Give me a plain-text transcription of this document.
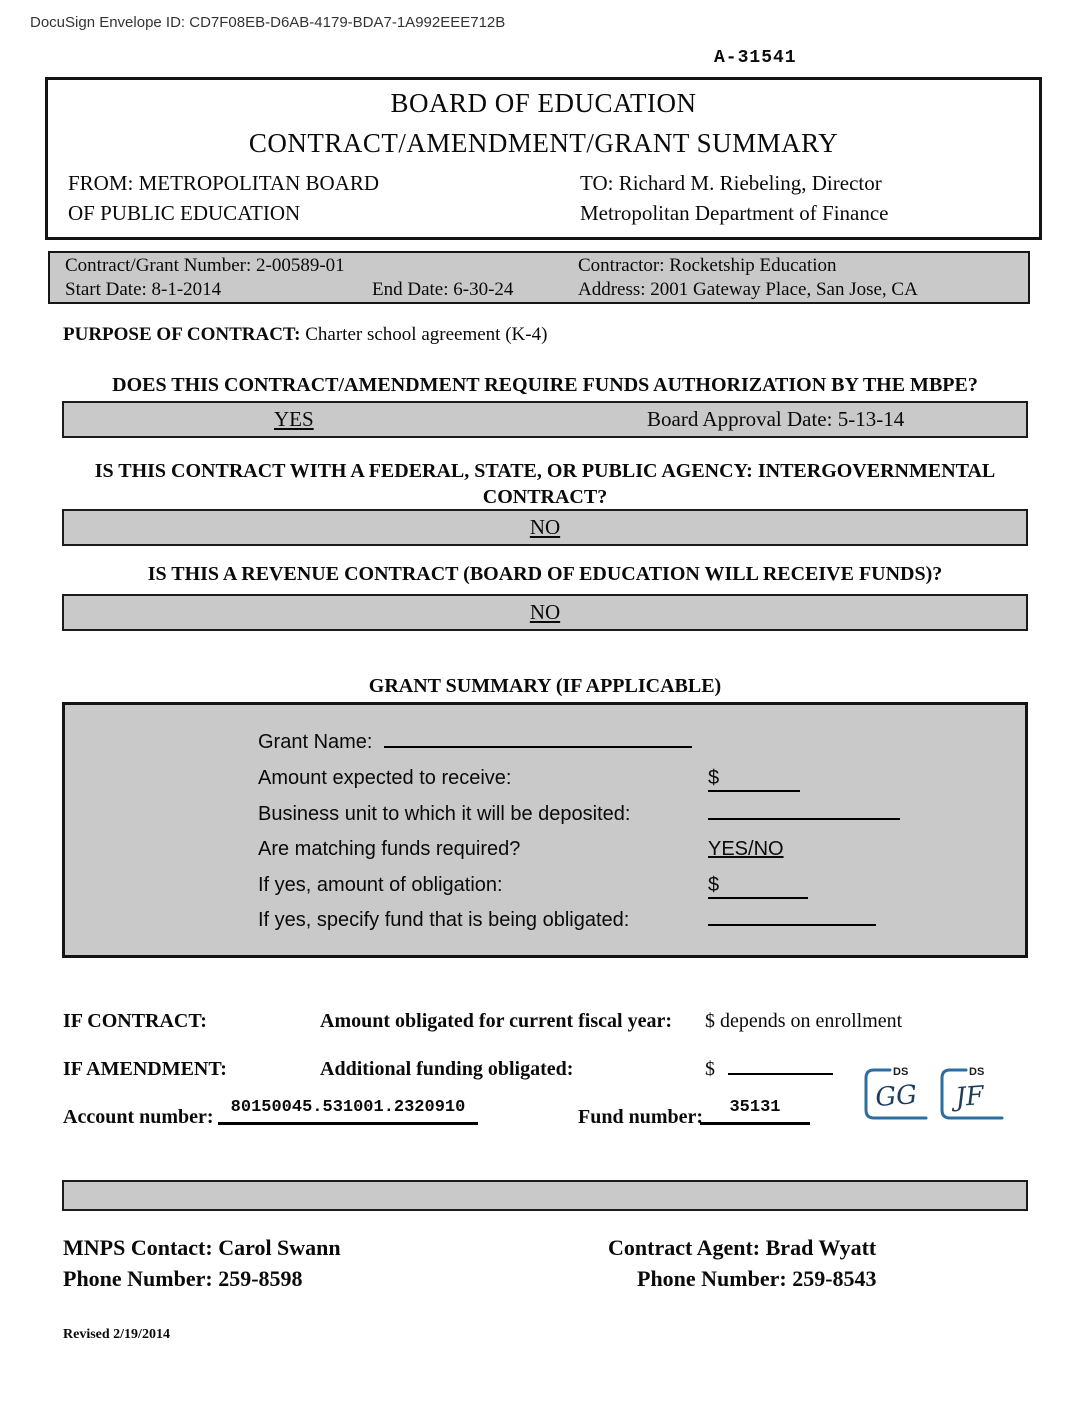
DocuSign Envelope ID: CD7F08EB-D6AB-4179-BDA7-1A992EEE712B
A-31541
BOARD OF EDUCATION
CONTRACT/AMENDMENT/GRANT SUMMARY
FROM: METROPOLITAN BOARD
OF PUBLIC EDUCATION
TO: Richard M. Riebeling, Director
Metropolitan Department of Finance
Contract/Grant Number: 2-00589-01	Contractor: Rocketship Education
Start Date: 8-1-2014	End Date: 6-30-24	Address: 2001 Gateway Place, San Jose, CA
PURPOSE OF CONTRACT: Charter school agreement (K-4)
DOES THIS CONTRACT/AMENDMENT REQUIRE FUNDS AUTHORIZATION BY THE MBPE?
YES	Board Approval Date: 5-13-14
IS THIS CONTRACT WITH A FEDERAL, STATE, OR PUBLIC AGENCY: INTERGOVERNMENTAL
CONTRACT?
NO
IS THIS A REVENUE CONTRACT (BOARD OF EDUCATION WILL RECEIVE FUNDS)?
NO
GRANT SUMMARY (IF APPLICABLE)
Grant Name:
Amount expected to receive:	$
Business unit to which it will be deposited:
Are matching funds required?	YES/NO
If yes, amount of obligation:	$
If yes, specify fund that is being obligated:
IF CONTRACT:	Amount obligated for current fiscal year: $ depends on enrollment
IF AMENDMENT:	Additional funding obligated:	$
Account number:	80150045.531001.2320910	Fund number:	35131
DS
GG
DS
JF
MNPS Contact: Carol Swann	Contract Agent: Brad Wyatt
Phone Number: 259-8598	Phone Number: 259-8543
Revised 2/19/2014
